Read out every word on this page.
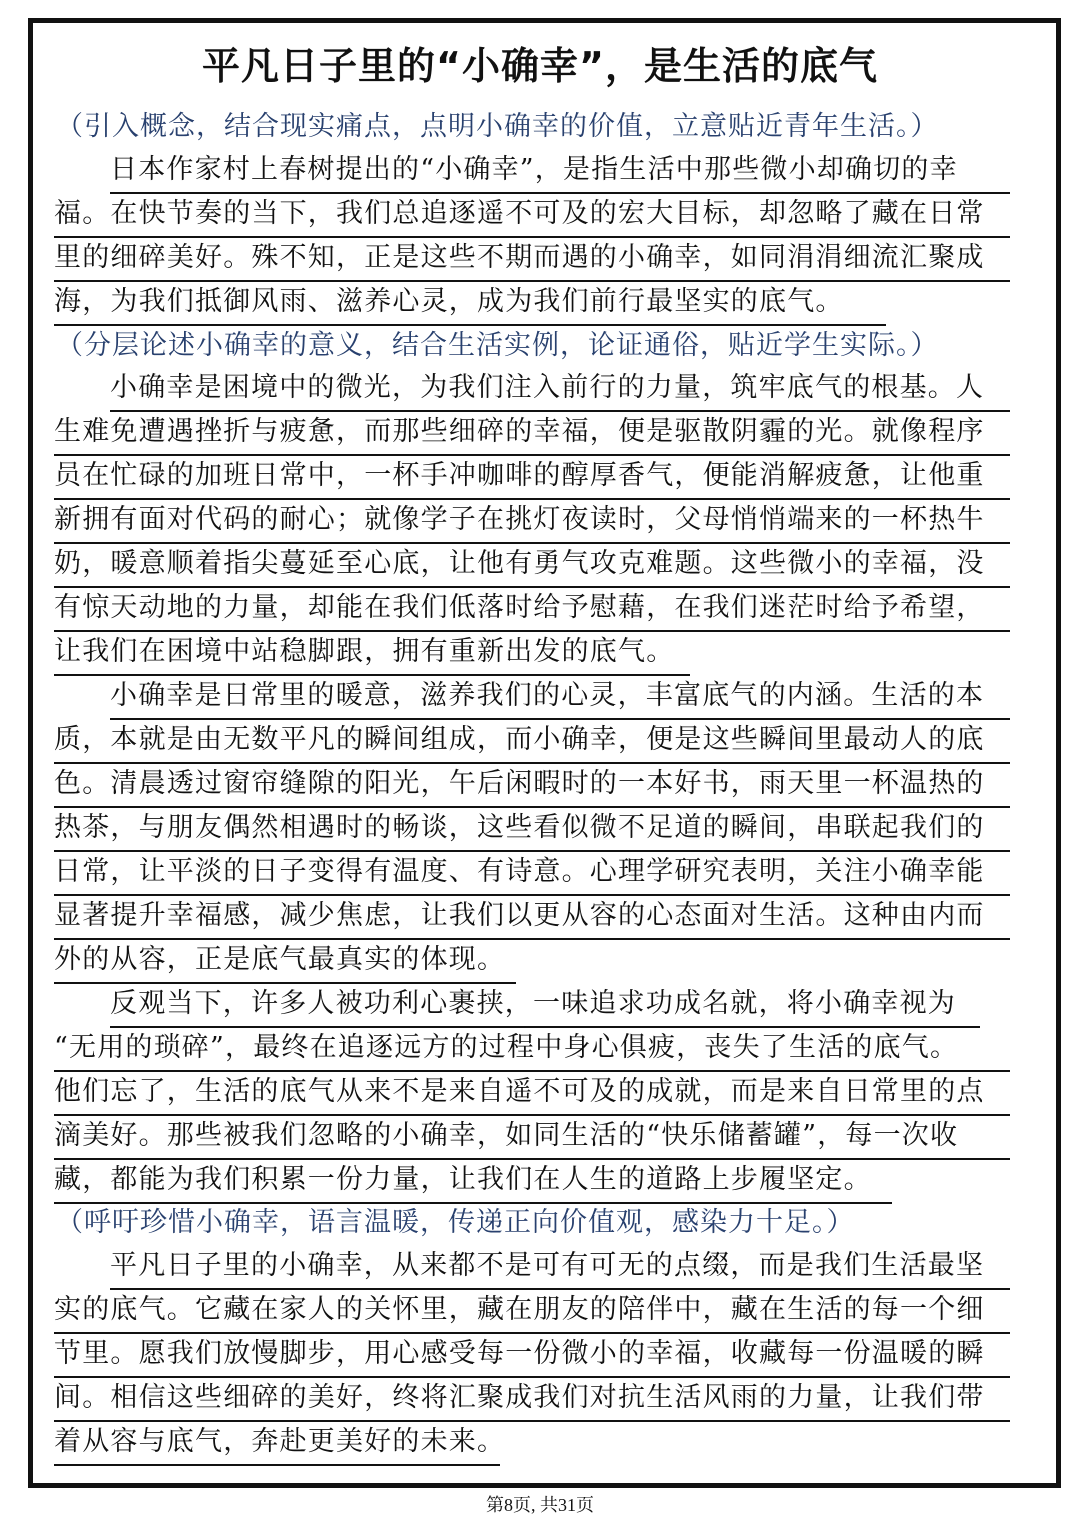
平凡日子里的“小确幸”，是生活的底气
（引入概念，结合现实痛点，点明小确幸的价值，立意贴近青年生活。）
日本作家村上春树提出的“小确幸”，是指生活中那些微小却确切的幸
福。在快节奏的当下，我们总追逐遥不可及的宏大目标，却忽略了藏在日常
里的细碎美好。殊不知，正是这些不期而遇的小确幸，如同涓涓细流汇聚成
海，为我们抵御风雨、滋养心灵，成为我们前行最坚实的底气。
（分层论述小确幸的意义，结合生活实例，论证通俗，贴近学生实际。）
小确幸是困境中的微光，为我们注入前行的力量，筑牢底气的根基。人
生难免遭遇挫折与疲惫，而那些细碎的幸福，便是驱散阴霾的光。就像程序
员在忙碌的加班日常中，一杯手冲咖啡的醇厚香气，便能消解疲惫，让他重
新拥有面对代码的耐心；就像学子在挑灯夜读时，父母悄悄端来的一杯热牛
奶，暖意顺着指尖蔓延至心底，让他有勇气攻克难题。这些微小的幸福，没
有惊天动地的力量，却能在我们低落时给予慰藉，在我们迷茫时给予希望，
让我们在困境中站稳脚跟，拥有重新出发的底气。
小确幸是日常里的暖意，滋养我们的心灵，丰富底气的内涵。生活的本
质，本就是由无数平凡的瞬间组成，而小确幸，便是这些瞬间里最动人的底
色。清晨透过窗帘缝隙的阳光，午后闲暇时的一本好书，雨天里一杯温热的
热茶，与朋友偶然相遇时的畅谈，这些看似微不足道的瞬间，串联起我们的
日常，让平淡的日子变得有温度、有诗意。心理学研究表明，关注小确幸能
显著提升幸福感，减少焦虑，让我们以更从容的心态面对生活。这种由内而
外的从容，正是底气最真实的体现。
反观当下，许多人被功利心裹挟，一味追求功成名就，将小确幸视为
“无用的琐碎”，最终在追逐远方的过程中身心俱疲，丧失了生活的底气。
他们忘了，生活的底气从来不是来自遥不可及的成就，而是来自日常里的点
滴美好。那些被我们忽略的小确幸，如同生活的“快乐储蓄罐”，每一次收
藏，都能为我们积累一份力量，让我们在人生的道路上步履坚定。
（呼吁珍惜小确幸，语言温暖，传递正向价值观，感染力十足。）
平凡日子里的小确幸，从来都不是可有可无的点缀，而是我们生活最坚
实的底气。它藏在家人的关怀里，藏在朋友的陪伴中，藏在生活的每一个细
节里。愿我们放慢脚步，用心感受每一份微小的幸福，收藏每一份温暖的瞬
间。相信这些细碎的美好，终将汇聚成我们对抗生活风雨的力量，让我们带
着从容与底气，奔赴更美好的未来。
第8页, 共31页
